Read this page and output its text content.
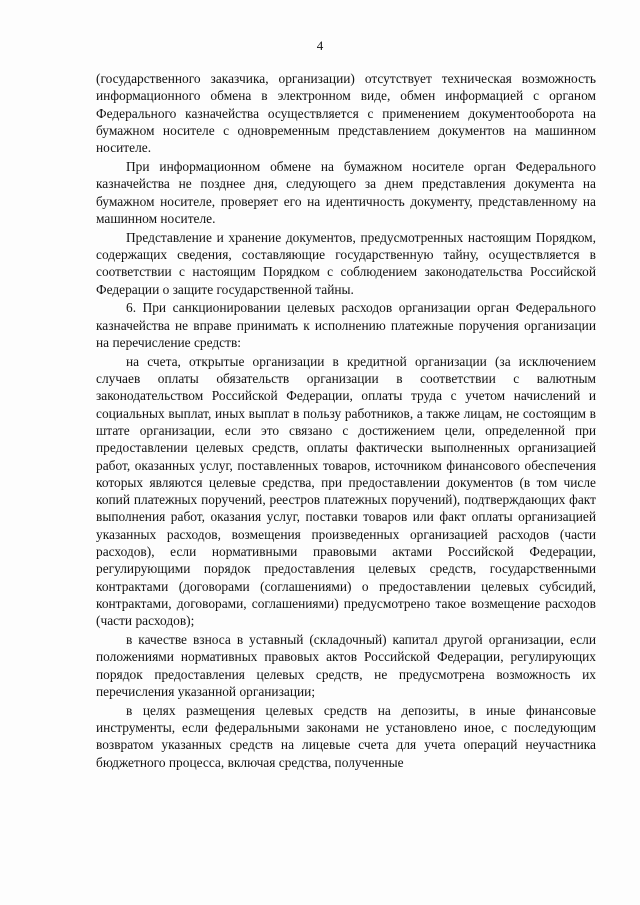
4

(государственного заказчика, организации) отсутствует техническая возможность информационного обмена в электронном виде, обмен информацией с органом Федерального казначейства осуществляется с применением документооборота на бумажном носителе с одновременным представлением документов на машинном носителе.

При информационном обмене на бумажном носителе орган Федерального казначейства не позднее дня, следующего за днем представления документа на бумажном носителе, проверяет его на идентичность документу, представленному на машинном носителе.

Представление и хранение документов, предусмотренных настоящим Порядком, содержащих сведения, составляющие государственную тайну, осуществляется в соответствии с настоящим Порядком с соблюдением законодательства Российской Федерации о защите государственной тайны.

6. При санкционировании целевых расходов организации орган Федерального казначейства не вправе принимать к исполнению платежные поручения организации на перечисление средств:

на счета, открытые организации в кредитной организации (за исключением случаев оплаты обязательств организации в соответствии с валютным законодательством Российской Федерации, оплаты труда с учетом начислений и социальных выплат, иных выплат в пользу работников, а также лицам, не состоящим в штате организации, если это связано с достижением цели, определенной при предоставлении целевых средств, оплаты фактически выполненных организацией работ, оказанных услуг, поставленных товаров, источником финансового обеспечения которых являются целевые средства, при предоставлении документов (в том числе копий платежных поручений, реестров платежных поручений), подтверждающих факт выполнения работ, оказания услуг, поставки товаров или факт оплаты организацией указанных расходов, возмещения произведенных организацией расходов (части расходов), если нормативными правовыми актами Российской Федерации, регулирующими порядок предоставления целевых средств, государственными контрактами (договорами (соглашениями) о предоставлении целевых субсидий, контрактами, договорами, соглашениями) предусмотрено такое возмещение расходов (части расходов);

в качестве взноса в уставный (складочный) капитал другой организации, если положениями нормативных правовых актов Российской Федерации, регулирующих порядок предоставления целевых средств, не предусмотрена возможность их перечисления указанной организации;

в целях размещения целевых средств на депозиты, в иные финансовые инструменты, если федеральными законами не установлено иное, с последующим возвратом указанных средств на лицевые счета для учета операций неучастника бюджетного процесса, включая средства, полученные
